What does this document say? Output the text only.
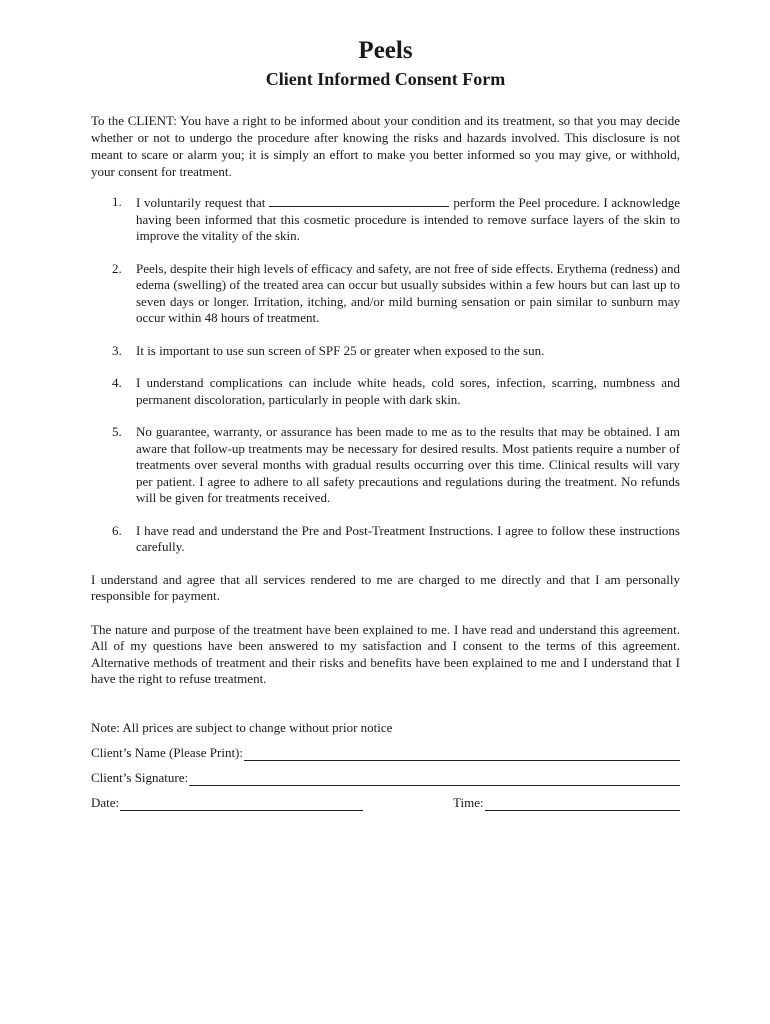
Peels
Client Informed Consent Form

To the CLIENT: You have a right to be informed about your condition and its treatment, so that you may decide whether or not to undergo the procedure after knowing the risks and hazards involved. This disclosure is not meant to scare or alarm you; it is simply an effort to make you better informed so you may give, or withhold, your consent for treatment.

1. I voluntarily request that	perform the Peel procedure. I acknowledge having been informed that this cosmetic procedure is intended to remove surface layers of the skin to improve the vitality of the skin.
2. Peels, despite their high levels of efficacy and safety, are not free of side effects. Erythema (redness) and edema (swelling) of the treated area can occur but usually subsides within a few hours but can last up to seven days or longer. Irritation, itching, and/or mild burning sensation or pain similar to sunburn may occur within 48 hours of treatment.
3. It is important to use sun screen of SPF 25 or greater when exposed to the sun.
4. I understand complications can include white heads, cold sores, infection, scarring, numbness and permanent discoloration, particularly in people with dark skin.
5. No guarantee, warranty, or assurance has been made to me as to the results that may be obtained. I am aware that follow-up treatments may be necessary for desired results. Most patients require a number of treatments over several months with gradual results occurring over this time. Clinical results will vary per patient. I agree to adhere to all safety precautions and regulations during the treatment. No refunds will be given for treatments received.
6. I have read and understand the Pre and Post-Treatment Instructions. I agree to follow these instructions carefully.

I understand and agree that all services rendered to me are charged to me directly and that I am personally responsible for payment.

The nature and purpose of the treatment have been explained to me. I have read and understand this agreement. All of my questions have been answered to my satisfaction and I consent to the terms of this agreement. Alternative methods of treatment and their risks and benefits have been explained to me and I understand that I have the right to refuse treatment.

Note: All prices are subject to change without prior notice

Client’s Name (Please Print):
Client’s Signature:
Date:	Time:
